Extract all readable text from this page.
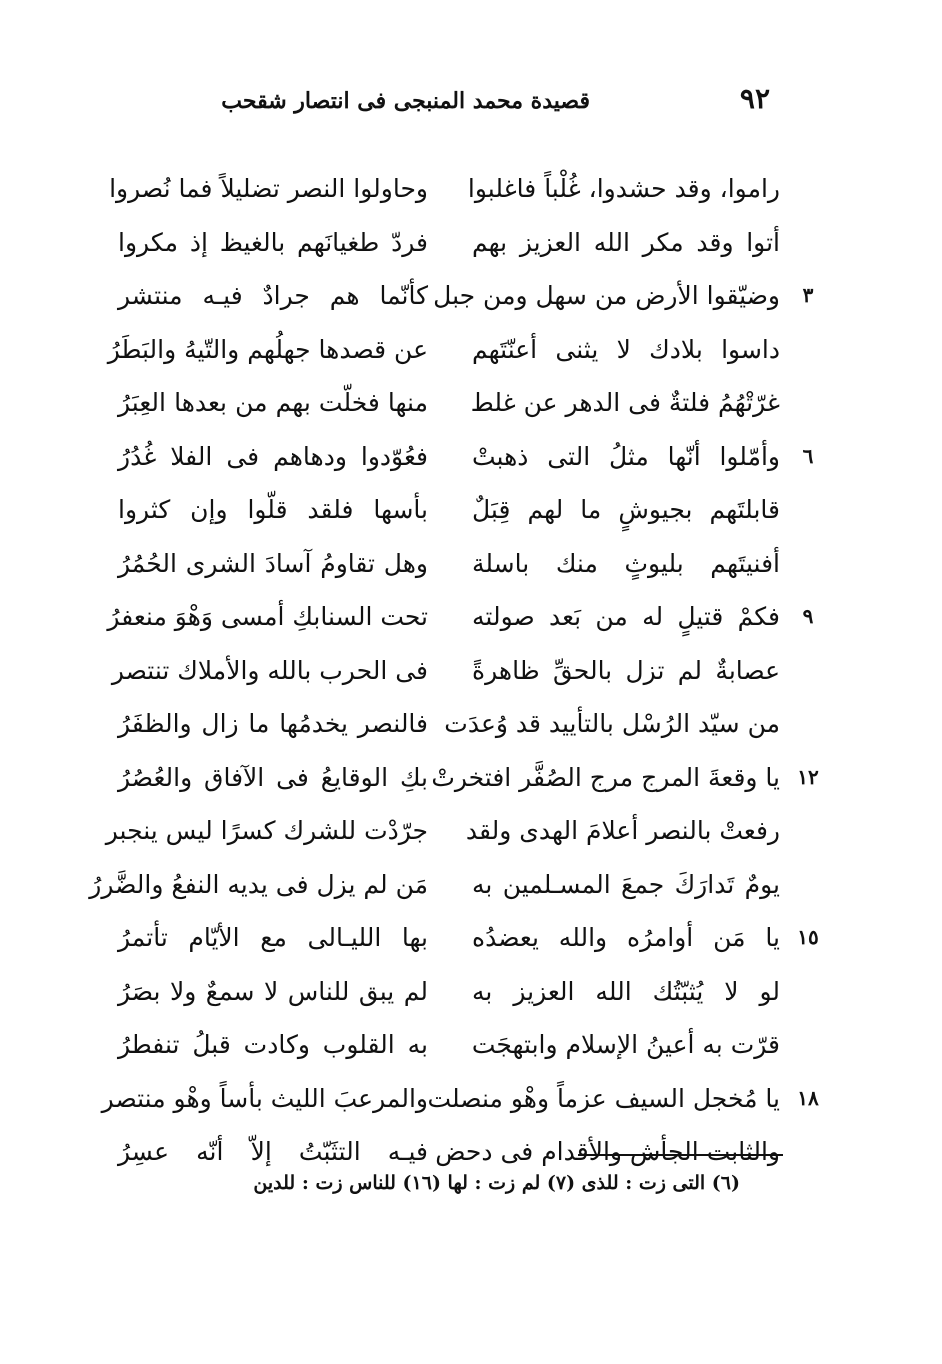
٩٢
قصيدة محمد المنبجى فى انتصار شقحب
راموا، وقد حشدوا، غُلْباً فاغلبوا
وحاولوا النصر تضليلاً فما نُصروا
أتوا وقد مكر الله العزيز بهم
فردّ طغيانَهم بالغيظ إذ مكروا
٣
وضيّقوا الأرض من سهل ومن جبل
كأنّما هم جرادٌ فيـه منتشر
داسوا بلادك لا يثنى أعنّتَهم
عن قصدها جهلُهم والتّيهُ والبَطَرُ
غرّتْهُمُ فلتةٌ فى الدهر عن غلط
منها فخلّت بهم من بعدها العِبَرُ
٦
وأمّلوا أنّها مثلُ التى ذهبتْ
فعُوّدوا ودهاهم فى الفلا غُدُرُ
قابلتَهم بجيوشٍ ما لهم قِبَلٌ
بأسها فلقد قلّوا وإن كثروا
أفنيتَهم بليوثٍ منك باسلة
وهل تقاومُ آسادَ الشرى الحُمُرُ
٩
فكمْ قتيلٍ له من بَعد صولته
تحت السنابكِ أمسى وَهْوَ منعفرُ
عصابةٌ لم تزل بالحقِّ ظاهرةً
فى الحرب بالله والأملاك تنتصر
من سيّد الرُسْل بالتأييد قد وُعدَت
فالنصر يخدمُها ما زال والظفَرُ
١٢
يا وقعةَ المرج مرج الصُفَّر افتخرتْ
بكِ الوقايعُ فى الآفاق والعُصُرُ
رفعتْ بالنصر أعلامَ الهدى ولقد
جرّدْت للشرك كسرًا ليس ينجبر
يومٌ تَدارَكَ جمعَ المسـلمين به
مَن لم يزل فى يديه النفعُ والضَّررُ
١٥
يا مَن أوامرُه والله يعضدُه
بها الليـالى مع الأيّام تأتمرُ
لو لا يُثبّتُك الله العزيز به
لم يبق للناس لا سمعٌ ولا بصَرُ
قرّت به أعينُ الإسلام وابتهجَت
به القلوب وكادت قبلُ تنفطرُ
١٨
يا مُخجل السيف عزماً وهْو منصلت
والمرعبَ الليث بأساً وهْو منتصر
والثابت الجأش والأقدام فى دحض
فيـه التثَبّتُ إلاّ أنّه عسِرُ
(٦) التى زت : للذى (٧) لم زت : لها (١٦) للناس زت : للدين
